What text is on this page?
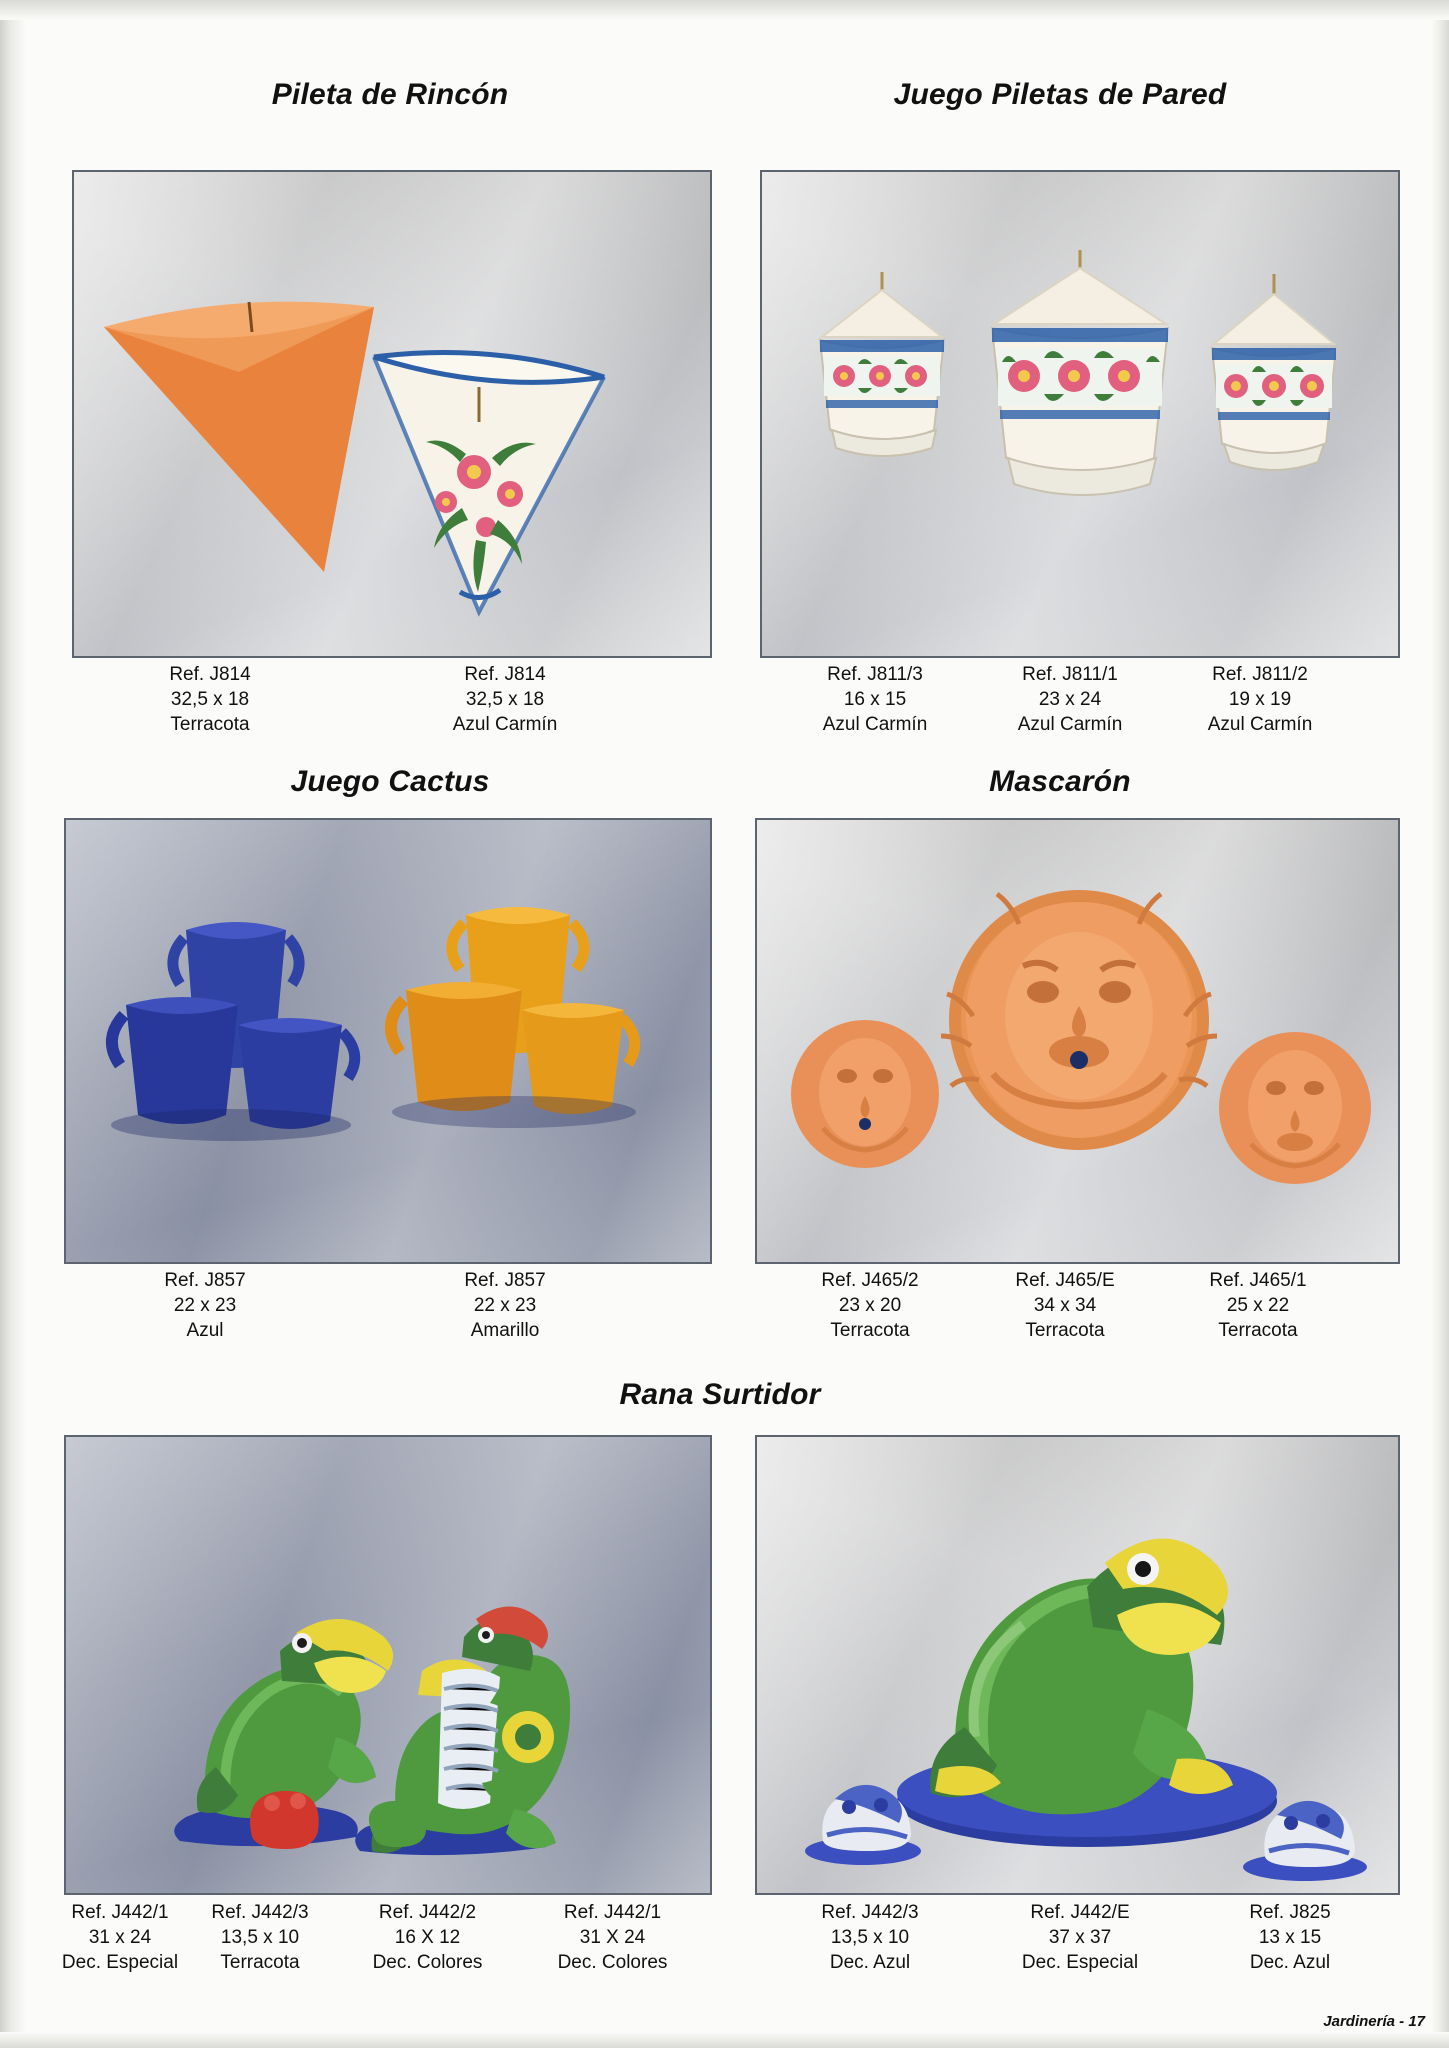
Pileta de Rincón	Juego Piletas de Pared
Ref. J814
32,5 x 18
Terracota
Ref. J814
32,5 x 18
Azul Carmín
Ref. J811/3
16 x 15
Azul Carmín
Ref. J811/1
23 x 24
Azul Carmín
Ref. J811/2
19 x 19
Azul Carmín
Juego Cactus	Mascarón
Ref. J857
22 x 23
Azul
Ref. J857
22 x 23
Amarillo
Ref. J465/2
23 x 20
Terracota
Ref. J465/E
34 x 34
Terracota
Ref. J465/1
25 x 22
Terracota
Rana Surtidor
Ref. J442/1
31 x 24
Dec. Especial
Ref. J442/3
13,5 x 10
Terracota
Ref. J442/2
16 X 12
Dec. Colores
Ref. J442/1
31 X 24
Dec. Colores
Ref. J442/3
13,5 x 10
Dec. Azul
Ref. J442/E
37 x 37
Dec. Especial
Ref. J825
13 x 15
Dec. Azul
Jardinería - 17
